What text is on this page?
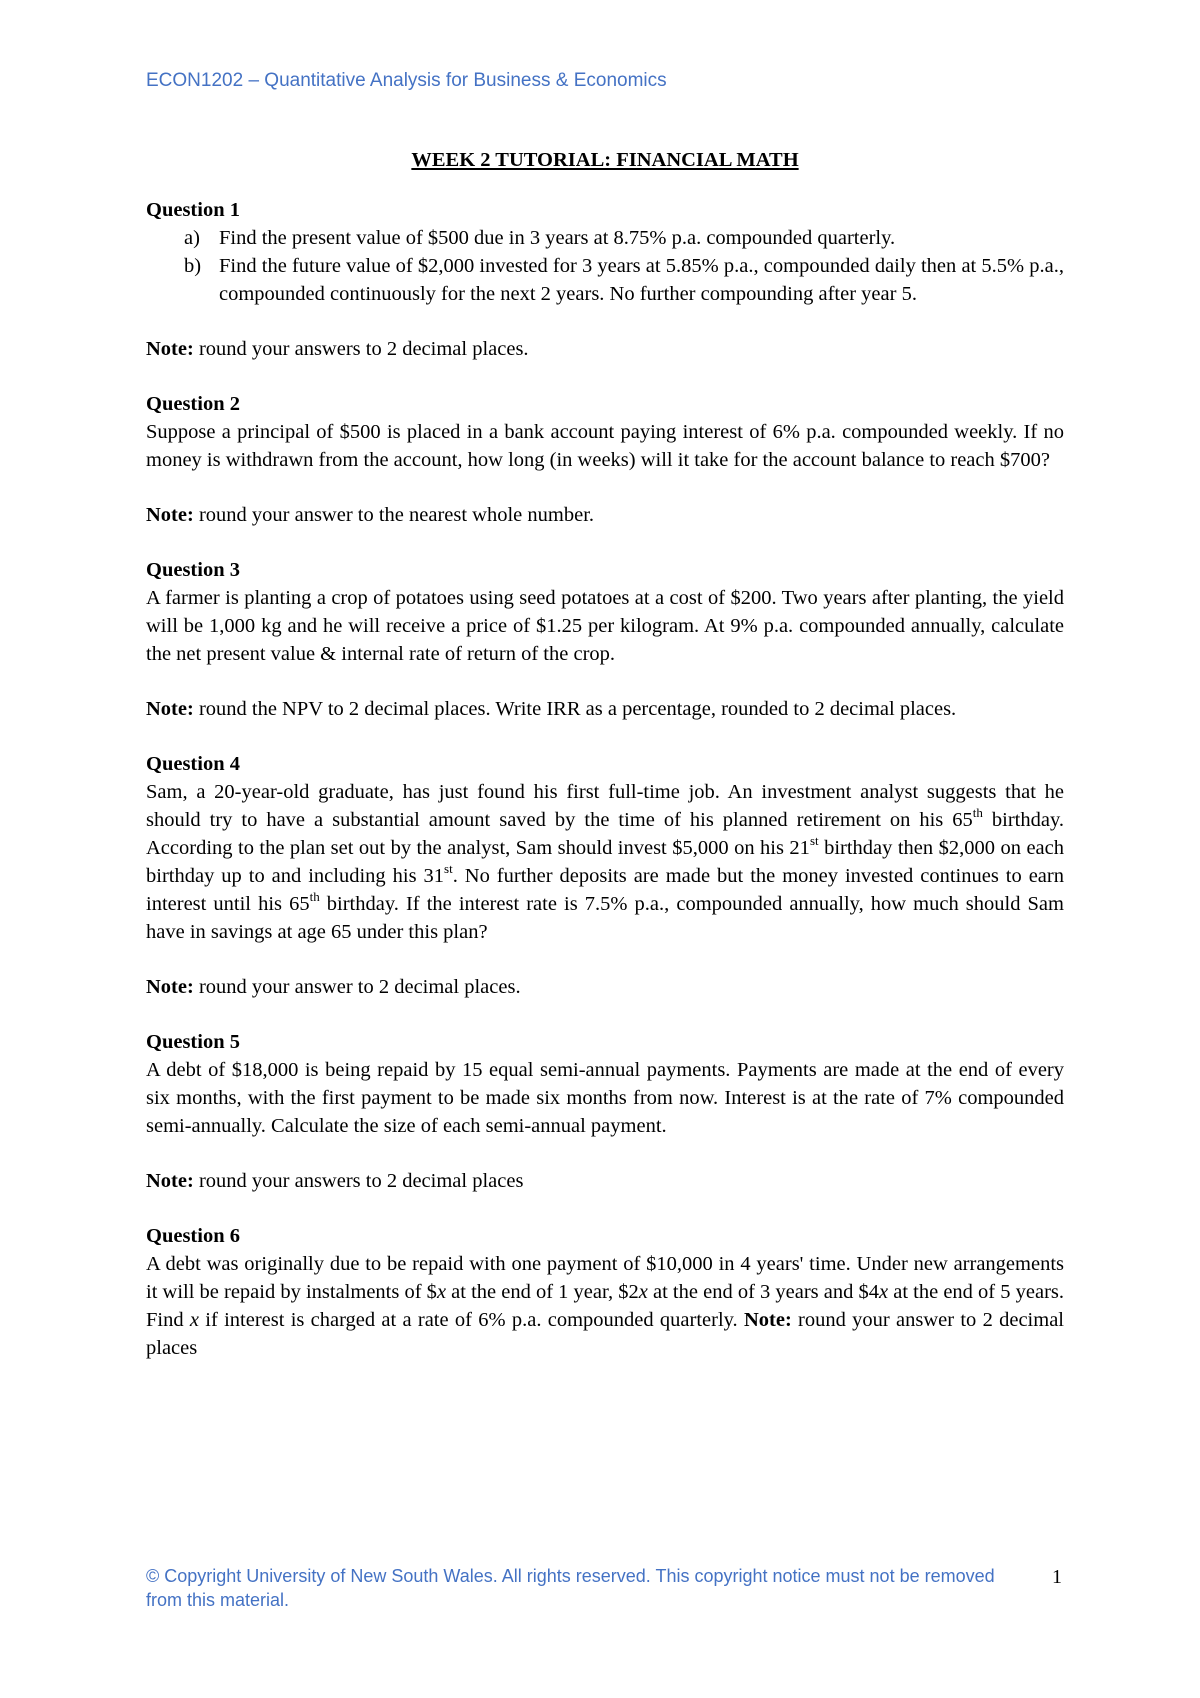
ECON1202 – Quantitative Analysis for Business & Economics

WEEK 2 TUTORIAL: FINANCIAL MATH

Question 1

a) Find the present value of $500 due in 3 years at 8.75% p.a. compounded quarterly.
b) Find the future value of $2,000 invested for 3 years at 5.85% p.a., compounded daily then at 5.5% p.a., compounded continuously for the next 2 years. No further compounding after year 5.

Note: round your answers to 2 decimal places.

Question 2

Suppose a principal of $500 is placed in a bank account paying interest of 6% p.a. compounded weekly. If no money is withdrawn from the account, how long (in weeks) will it take for the account balance to reach $700?

Note: round your answer to the nearest whole number.

Question 3

A farmer is planting a crop of potatoes using seed potatoes at a cost of $200. Two years after planting, the yield will be 1,000 kg and he will receive a price of $1.25 per kilogram. At 9% p.a. compounded annually, calculate the net present value & internal rate of return of the crop.

Note: round the NPV to 2 decimal places. Write IRR as a percentage, rounded to 2 decimal places.

Question 4

Sam, a 20-year-old graduate, has just found his first full-time job. An investment analyst suggests that he should try to have a substantial amount saved by the time of his planned retirement on his 65th birthday. According to the plan set out by the analyst, Sam should invest $5,000 on his 21st birthday then $2,000 on each birthday up to and including his 31st. No further deposits are made but the money invested continues to earn interest until his 65th birthday. If the interest rate is 7.5% p.a., compounded annually, how much should Sam have in savings at age 65 under this plan?

Note: round your answer to 2 decimal places.

Question 5

A debt of $18,000 is being repaid by 15 equal semi-annual payments. Payments are made at the end of every six months, with the first payment to be made six months from now. Interest is at the rate of 7% compounded semi-annually. Calculate the size of each semi-annual payment.

Note: round your answers to 2 decimal places

Question 6

A debt was originally due to be repaid with one payment of $10,000 in 4 years' time. Under new arrangements it will be repaid by instalments of $x at the end of 1 year, $2x at the end of 3 years and $4x at the end of 5 years. Find x if interest is charged at a rate of 6% p.a. compounded quarterly. Note: round your answer to 2 decimal places

© Copyright University of New South Wales. All rights reserved. This copyright notice must not be removed from this material.
1
